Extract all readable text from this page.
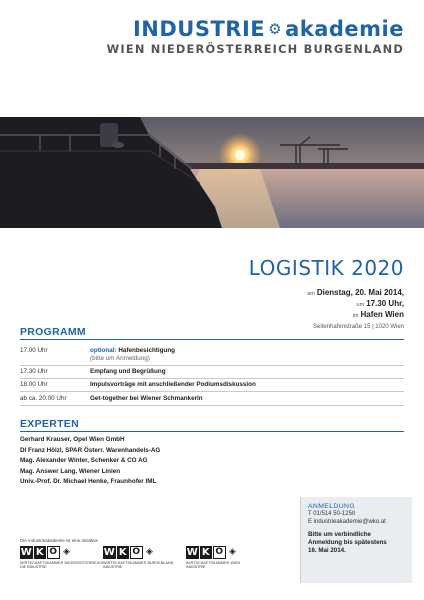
INDUSTRIE ⚙ akademie
WIEN NIEDERÖSTERREICH BURGENLAND
LOGISTIK 2020
am Dienstag, 20. Mai 2014,
um 17.30 Uhr,
im Hafen Wien
Seitenhafenstraße 15 | 1020 Wien
PROGRAMM
17.00 Uhr	optional: Hafenbesichtigung
(bitte um Anmeldung)
17.30 Uhr	Empfang und Begrüßung
18.00 Uhr	Impulsvorträge mit anschließender Podiumsdiskussion
ab ca. 20.00 Uhr	Get-together bei Wiener Schmankerln
EXPERTEN
Gerhard Krauser, Opel Wien GmbH
DI Franz Hölzl, SPAR Österr. Warenhandels-AG
Mag. Alexander Winter, Schenker & CO AG
Mag. Answer Lang, Wiener Linien
Univ.-Prof. Dr. Michael Henke, Fraunhofer IML
ANMELDUNG
T 01/514 50-1250
E industrieakademie@wko.at
Bitte um verbindliche
Anmeldung bis spätestens
16. Mai 2014.
Die Industrieakademie ist eine Initiative
W K O ◈
WIRTSCHAFTSKAMMER NIEDERÖSTERREICH
DIE INDUSTRIE
W K O ◈
WIRTSCHAFTSKAMMER BURGENLAND
INDUSTRIE
W K O ◈
WIRTSCHAFTSKAMMER WIEN
INDUSTRIE
